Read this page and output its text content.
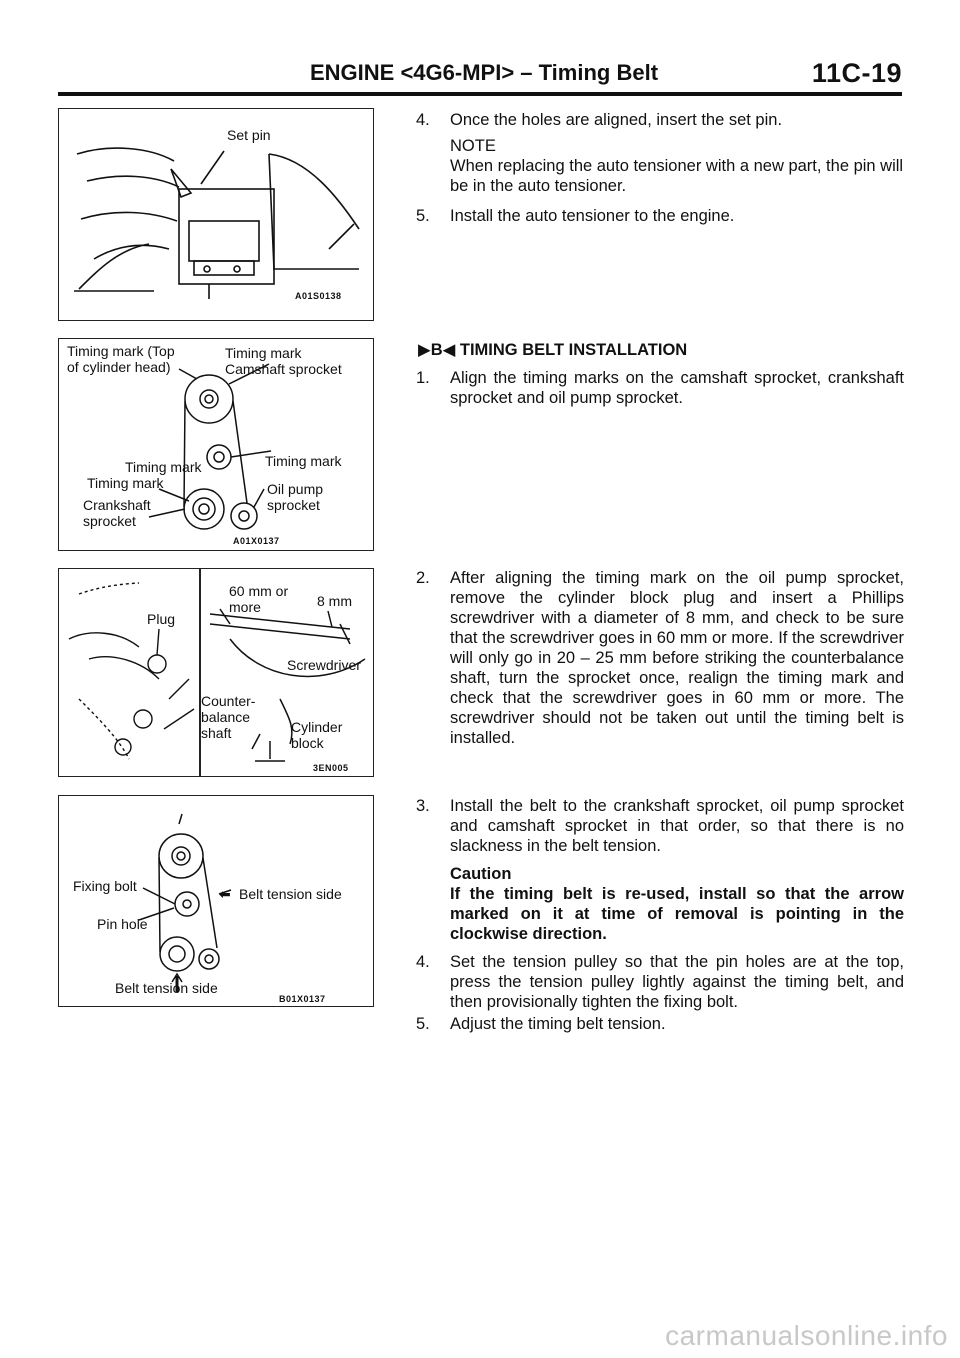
ENGINE <4G6-MPI> – Timing Belt	11C-19
Set pin
A01S0138
Timing mark (Top
of cylinder head)
Timing mark
Camshaft sprocket
Timing mark
Timing mark
Crankshaft
sprocket
Timing mark
Oil pump
sprocket
A01X0137
Plug
60 mm or
more	8 mm
Screwdriver
Counter-
balance
shaft	Cylinder
block
3EN005
Fixing bolt
Pin hole
⬅ Belt tension side
Belt tension side
B01X0137
4. Once the holes are aligned, insert the set pin.
NOTE
When replacing the auto tensioner with a new part, the pin will be in the auto tensioner.
5. Install the auto tensioner to the engine.
▶B◀ TIMING BELT INSTALLATION
1. Align the timing marks on the camshaft sprocket, crankshaft sprocket and oil pump sprocket.
2. After aligning the timing mark on the oil pump sprocket, remove the cylinder block plug and insert a Phillips screwdriver with a diameter of 8 mm, and check to be sure that the screwdriver goes in 60 mm or more. If the screwdriver will only go in 20 – 25 mm before striking the counterbalance shaft, turn the sprocket once, realign the timing mark and check that the screwdriver goes in 60 mm or more. The screwdriver should not be taken out until the timing belt is installed.
3. Install the belt to the crankshaft sprocket, oil pump sprocket and camshaft sprocket in that order, so that there is no slackness in the belt tension.
Caution
If the timing belt is re-used, install so that the arrow marked on it at time of removal is pointing in the clockwise direction.
4. Set the tension pulley so that the pin holes are at the top, press the tension pulley lightly against the timing belt, and then provisionally tighten the fixing bolt.
5. Adjust the timing belt tension.
carmanualsonline.info
